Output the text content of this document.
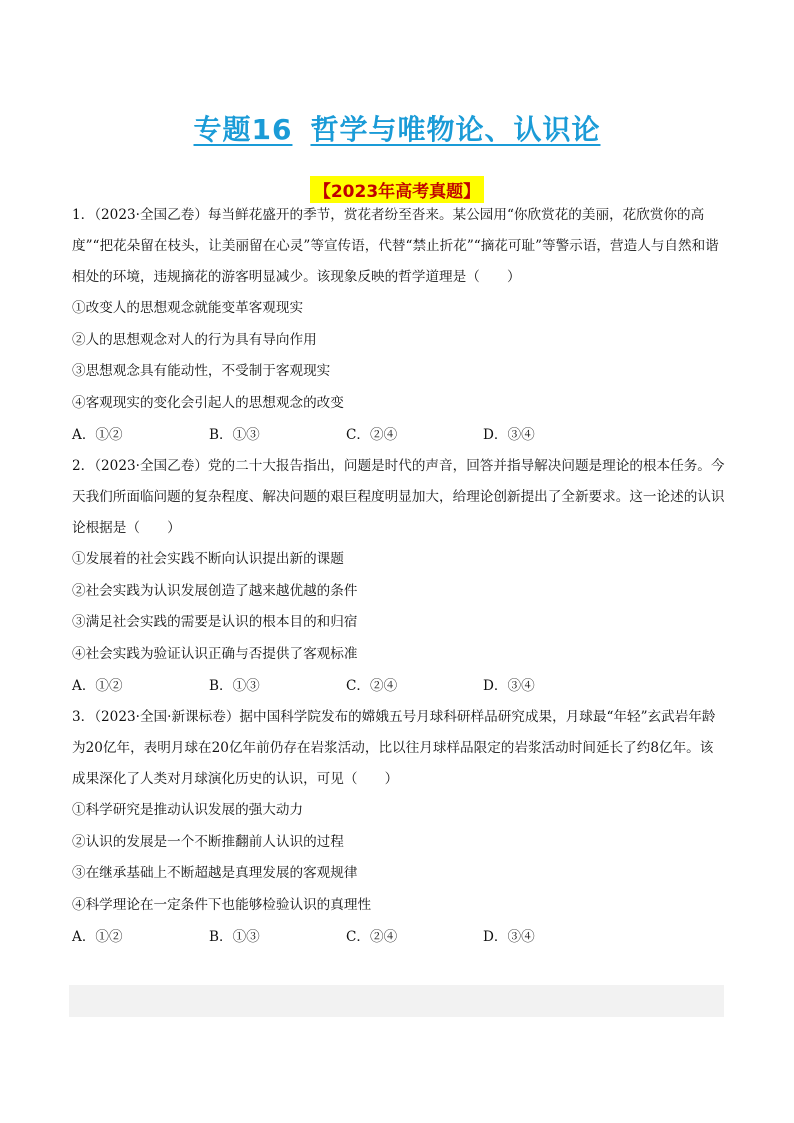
专题16 哲学与唯物论、认识论
【2023年高考真题】

1．（2023·全国乙卷）每当鲜花盛开的季节，赏花者纷至沓来。某公园用“你欣赏花的美丽，花欣赏你的高度”“把花朵留在枝头，让美丽留在心灵”等宣传语，代替“禁止折花”“摘花可耻”等警示语，营造人与自然和谐相处的环境，违规摘花的游客明显减少。该现象反映的哲学道理是（　　）

①改变人的思想观念就能变革客观现实

②人的思想观念对人的行为具有导向作用

③思想观念具有能动性，不受制于客观现实

④客观现实的变化会引起人的思想观念的改变

A．①②	B．①③	C．②④	D．③④

2．（2023·全国乙卷）党的二十大报告指出，问题是时代的声音，回答并指导解决问题是理论的根本任务。今天我们所面临问题的复杂程度、解决问题的艰巨程度明显加大，给理论创新提出了全新要求。这一论述的认识论根据是（　　）

①发展着的社会实践不断向认识提出新的课题

②社会实践为认识发展创造了越来越优越的条件

③满足社会实践的需要是认识的根本目的和归宿

④社会实践为验证认识正确与否提供了客观标准

A．①②	B．①③	C．②④	D．③④

3．（2023·全国·新课标卷）据中国科学院发布的嫦娥五号月球科研样品研究成果，月球最“年轻”玄武岩年龄为20亿年，表明月球在20亿年前仍存在岩浆活动，比以往月球样品限定的岩浆活动时间延长了约8亿年。该成果深化了人类对月球演化历史的认识，可见（　　）

①科学研究是推动认识发展的强大动力

②认识的发展是一个不断推翻前人认识的过程

③在继承基础上不断超越是真理发展的客观规律

④科学理论在一定条件下也能够检验认识的真理性

A．①②	B．①③	C．②④	D．③④
